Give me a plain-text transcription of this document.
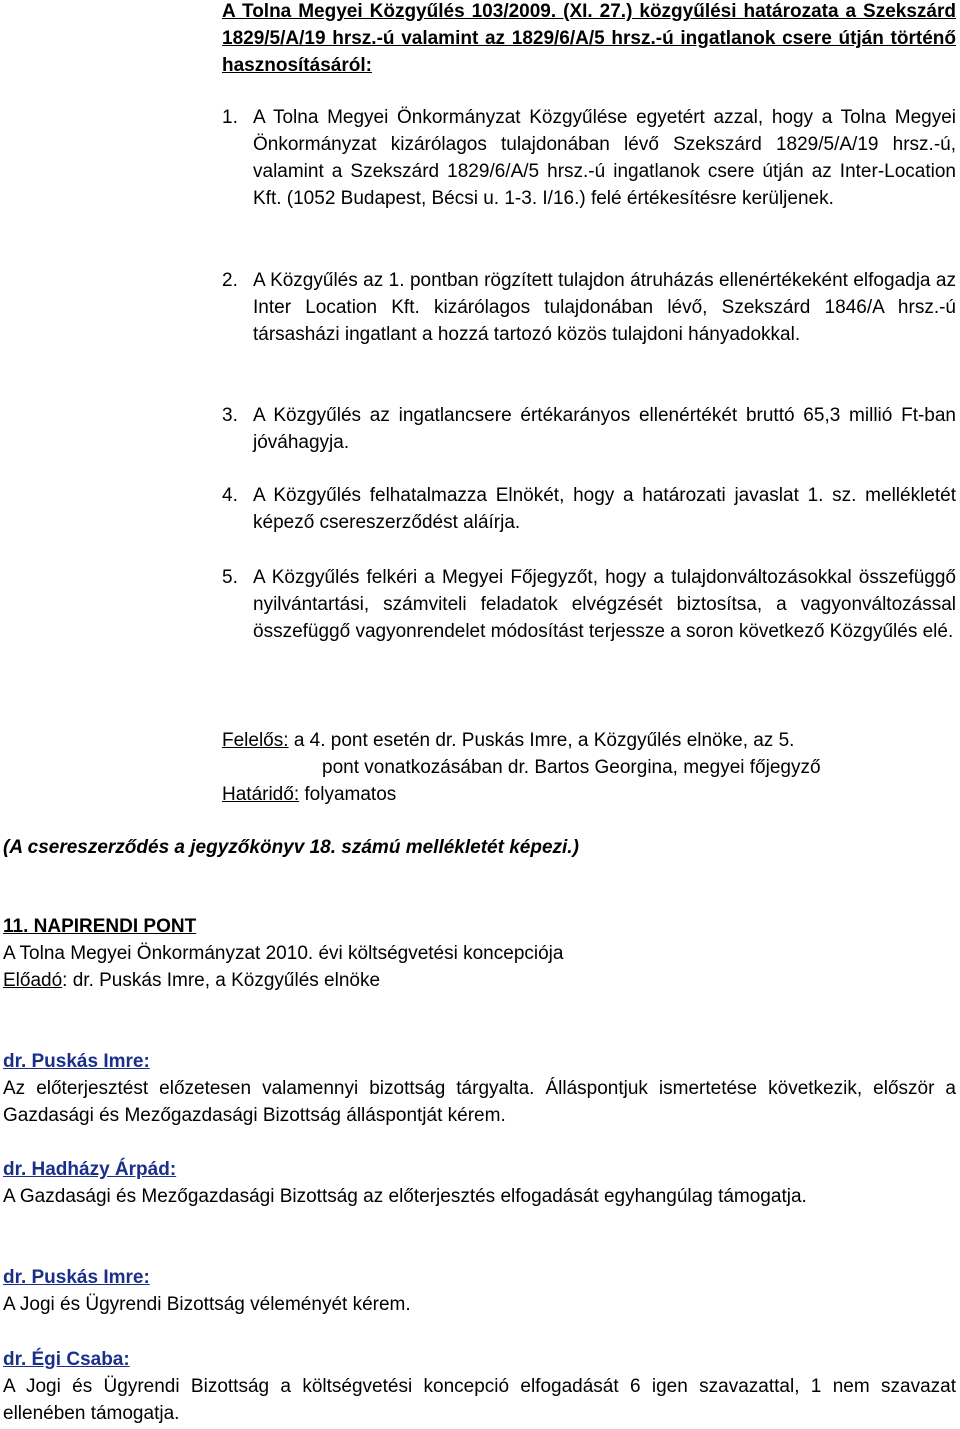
A Tolna Megyei Közgyűlés 103/2009. (XI. 27.) közgyűlési határozata a Szekszárd 1829/5/A/19 hrsz.-ú valamint az 1829/6/A/5 hrsz.-ú ingatlanok csere útján történő hasznosításáról:
1. A Tolna Megyei Önkormányzat Közgyűlése egyetért azzal, hogy a Tolna Megyei Önkormányzat kizárólagos tulajdonában lévő Szekszárd 1829/5/A/19 hrsz.-ú, valamint a Szekszárd 1829/6/A/5 hrsz.-ú ingatlanok csere útján az Inter-Location Kft. (1052 Budapest, Bécsi u. 1-3. I/16.) felé értékesítésre kerüljenek.
2. A Közgyűlés az 1. pontban rögzített tulajdon átruházás ellenértékeként elfogadja az Inter Location Kft. kizárólagos tulajdonában lévő, Szekszárd 1846/A hrsz.-ú társasházi ingatlant a hozzá tartozó közös tulajdoni hányadokkal.
3. A Közgyűlés az ingatlancsere értékarányos ellenértékét bruttó 65,3 millió Ft-ban jóváhagyja.
4. A Közgyűlés felhatalmazza Elnökét, hogy a határozati javaslat 1. sz. mellékletét képező csereszerződést aláírja.
5. A Közgyűlés felkéri a Megyei Főjegyzőt, hogy a tulajdonváltozásokkal összefüggő nyilvántartási, számviteli feladatok elvégzését biztosítsa, a vagyonváltozással összefüggő vagyonrendelet módosítást terjessze a soron következő Közgyűlés elé.
Felelős: a 4. pont esetén dr. Puskás Imre, a Közgyűlés elnöke, az 5.
pont vonatkozásában dr. Bartos Georgina, megyei főjegyző
Határidő: folyamatos
(A csereszerződés a jegyzőkönyv 18. számú mellékletét képezi.)
11. NAPIRENDI PONT
A Tolna Megyei Önkormányzat 2010. évi költségvetési koncepciója
Előadó: dr. Puskás Imre, a Közgyűlés elnöke
dr. Puskás Imre:
Az előterjesztést előzetesen valamennyi bizottság tárgyalta. Álláspontjuk ismertetése következik, először a Gazdasági és Mezőgazdasági Bizottság álláspontját kérem.
dr. Hadházy Árpád:
A Gazdasági és Mezőgazdasági Bizottság az előterjesztés elfogadását egyhangúlag támogatja.
dr. Puskás Imre:
A Jogi és Ügyrendi Bizottság véleményét kérem.
dr. Égi Csaba:
A Jogi és Ügyrendi Bizottság a költségvetési koncepció elfogadását 6 igen szavazattal, 1 nem szavazat ellenében támogatja.
